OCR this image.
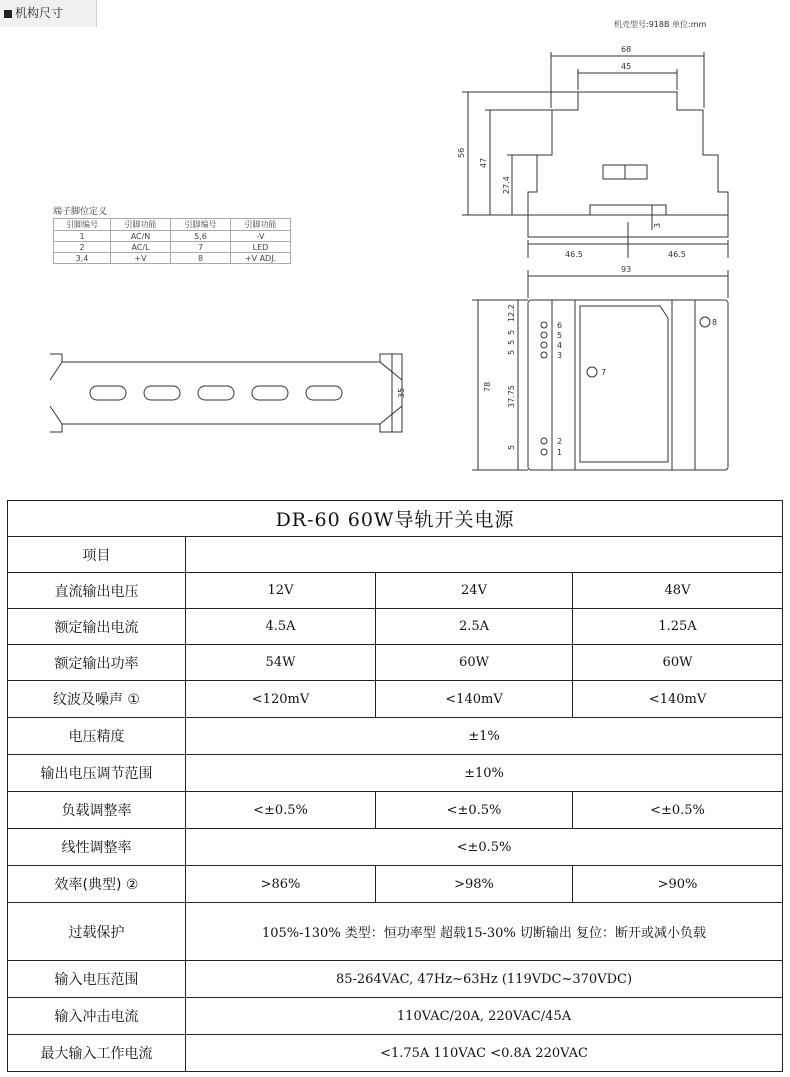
机构尺寸
机壳型号:918B 单位:mm
端子脚位定义
引脚编号	引脚功能	引脚编号	引脚功能
1	AC/N	5,6	-V
2	AC/L	7	LED
3,4	+V	8	+V ADJ.
68
45
56
47
27.4
3
46.5	46.5
93
78
12.2
5
5
5
37.75
5
35
6
5
4
3
2
1
7
8
DR-60 60W导轨开关电源			
项目			
直流输出电压	12V	24V	48V
额定输出电流	4.5A	2.5A	1.25A
额定输出功率	54W	60W	60W
纹波及噪声 ①	<120mV	<140mV	<140mV
电压精度	±1%		
输出电压调节范围	±10%		
负载调整率	<±0.5%	<±0.5%	<±0.5%
线性调整率	<±0.5%		
效率(典型) ②	>86%	>98%	>90%
过载保护	105%-130% 类型：恒功率型 超载15-30% 切断输出 复位：断开或减小负载		
输入电压范围	85-264VAC, 47Hz~63Hz (119VDC~370VDC)		
输入冲击电流	110VAC/20A, 220VAC/45A		
最大输入工作电流	<1.75A 110VAC <0.8A 220VAC		
